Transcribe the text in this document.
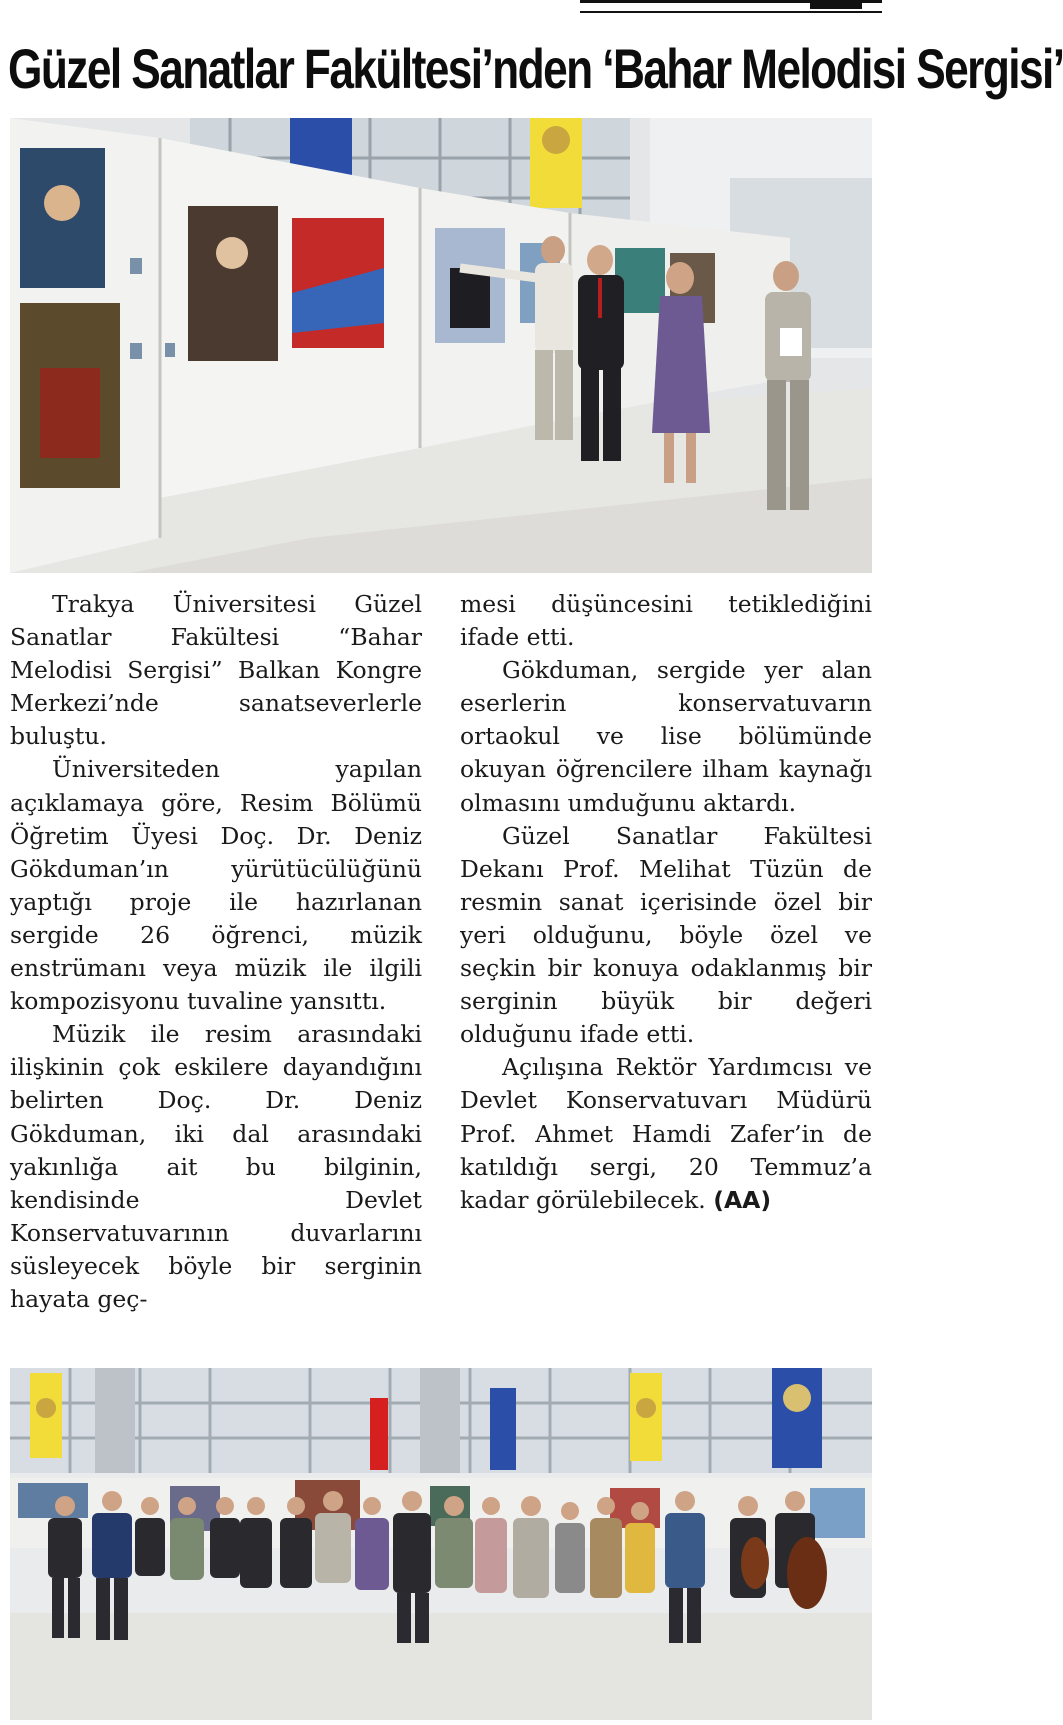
Güzel Sanatlar Fakültesi’nden ‘Bahar Melodisi Sergisi’

Trakya Üniversitesi Güzel Sanatlar Fakültesi “Bahar Melodisi Sergisi” Balkan Kongre Merkezi’nde sanatseverlerle buluştu.

Üniversiteden yapılan açıklamaya göre, Resim Bölümü Öğretim Üyesi Doç. Dr. Deniz Gökduman’ın yürütücülüğünü yaptığı proje ile hazırlanan sergide 26 öğrenci, müzik enstrümanı veya müzik ile ilgili kompozisyonu tuvaline yansıttı.

Müzik ile resim arasındaki ilişkinin çok eskilere dayandığını belirten Doç. Dr. Deniz Gökduman, iki dal arasındaki yakınlığa ait bu bilginin, kendisinde Devlet Konservatuvarının duvarlarını süsleyecek böyle bir serginin hayata geç-

mesi düşüncesini tetiklediğini ifade etti.

Gökduman, sergide yer alan eserlerin konservatuvarın ortaokul ve lise bölümünde okuyan öğrencilere ilham kaynağı olmasını umduğunu aktardı.

Güzel Sanatlar Fakültesi Dekanı Prof. Melihat Tüzün de resmin sanat içerisinde özel bir yeri olduğunu, böyle özel ve seçkin bir konuya odaklanmış bir serginin büyük bir değeri olduğunu ifade etti.

Açılışına Rektör Yardımcısı ve Devlet Konservatuvarı Müdürü Prof. Ahmet Hamdi Zafer’in de katıldığı sergi, 20 Temmuz’a kadar görülebilecek. (AA)
